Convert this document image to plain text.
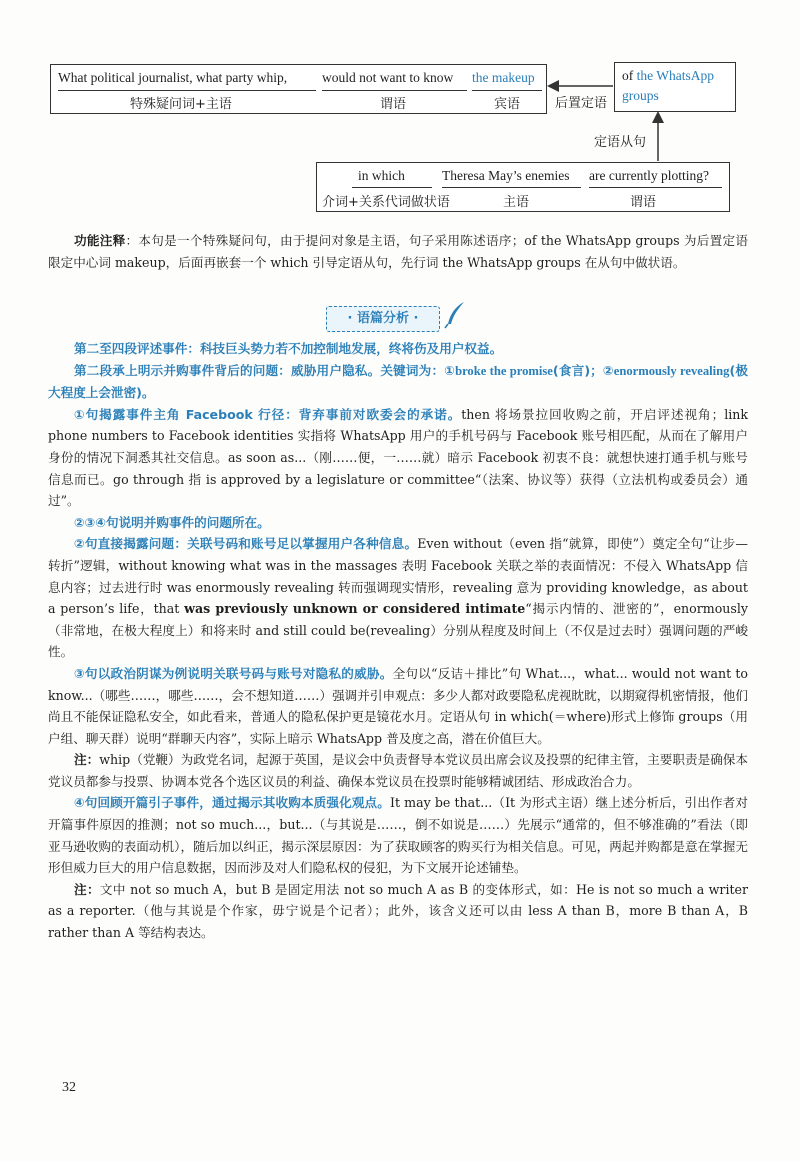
What political journalist, what party whip,	would not want to know the makeup
特殊疑问词+主语	谓语	宾语
of the WhatsApp
groups
后置定语
in which	Theresa May’s enemies are currently plotting?
介词+关系代词做状语	主语	谓语
定语从句

功能注释：本句是一个特殊疑问句，由于提问对象是主语，句子采用陈述语序；of the WhatsApp groups 为后置定语限定中心词 makeup，后面再嵌套一个 which 引导定语从句，先行词 the WhatsApp groups 在从句中做状语。

· 语篇分析 ·

第二至四段评述事件：科技巨头势力若不加控制地发展，终将伤及用户权益。

第二段承上明示并购事件背后的问题：威胁用户隐私。关键词为：①broke the promise(食言)；②enormously revealing(极大程度上会泄密)。

①句揭露事件主角 Facebook 行径：背弃事前对欧委会的承诺。then 将场景拉回收购之前，开启评述视角；link phone numbers to Facebook identities 实指将 WhatsApp 用户的手机号码与 Facebook 账号相匹配，从而在了解用户身份的情况下洞悉其社交信息。as soon as...（刚……便，一……就）暗示 Facebook 初衷不良：就想快速打通手机与账号信息而已。go through 指 is approved by a legislature or committee“（法案、协议等）获得（立法机构或委员会）通过”。

②③④句说明并购事件的问题所在。

②句直接揭露问题：关联号码和账号足以掌握用户各种信息。Even without（even 指“就算，即使”）奠定全句“让步—转折”逻辑，without knowing what was in the massages 表明 Facebook 关联之举的表面情况：不侵入 WhatsApp 信息内容；过去进行时 was enormously revealing 转而强调现实情形，revealing 意为 providing knowledge，as about a person’s life，that was previously unknown or considered intimate“揭示内情的、泄密的”，enormously（非常地，在极大程度上）和将来时 and still could be(revealing）分别从程度及时间上（不仅是过去时）强调问题的严峻性。

③句以政治阴谋为例说明关联号码与账号对隐私的威胁。全句以“反诘＋排比”句 What...，what... would not want to know...（哪些……，哪些……，会不想知道……）强调并引申观点：多少人都对政要隐私虎视眈眈，以期窥得机密情报，他们尚且不能保证隐私安全，如此看来，普通人的隐私保护更是镜花水月。定语从句 in which(＝where)形式上修饰 groups（用户组、聊天群）说明“群聊天内容”，实际上暗示 WhatsApp 普及度之高，潜在价值巨大。

注：whip（党鞭）为政党名词，起源于英国，是议会中负责督导本党议员出席会议及投票的纪律主管，主要职责是确保本党议员都参与投票、协调本党各个选区议员的利益、确保本党议员在投票时能够精诚团结、形成政治合力。

④句回顾开篇引子事件，通过揭示其收购本质强化观点。It may be that...（It 为形式主语）继上述分析后，引出作者对开篇事件原因的推测；not so much...，but...（与其说是……，倒不如说是……）先展示“通常的，但不够准确的”看法（即亚马逊收购的表面动机），随后加以纠正，揭示深层原因：为了获取顾客的购买行为相关信息。可见，两起并购都是意在掌握无形但威力巨大的用户信息数据，因而涉及对人们隐私权的侵犯，为下文展开论述铺垫。

注：文中 not so much A，but B 是固定用法 not so much A as B 的变体形式，如：He is not so much a writer as a reporter.（他与其说是个作家，毋宁说是个记者）；此外，该含义还可以由 less A than B，more B than A，B rather than A 等结构表达。

32
